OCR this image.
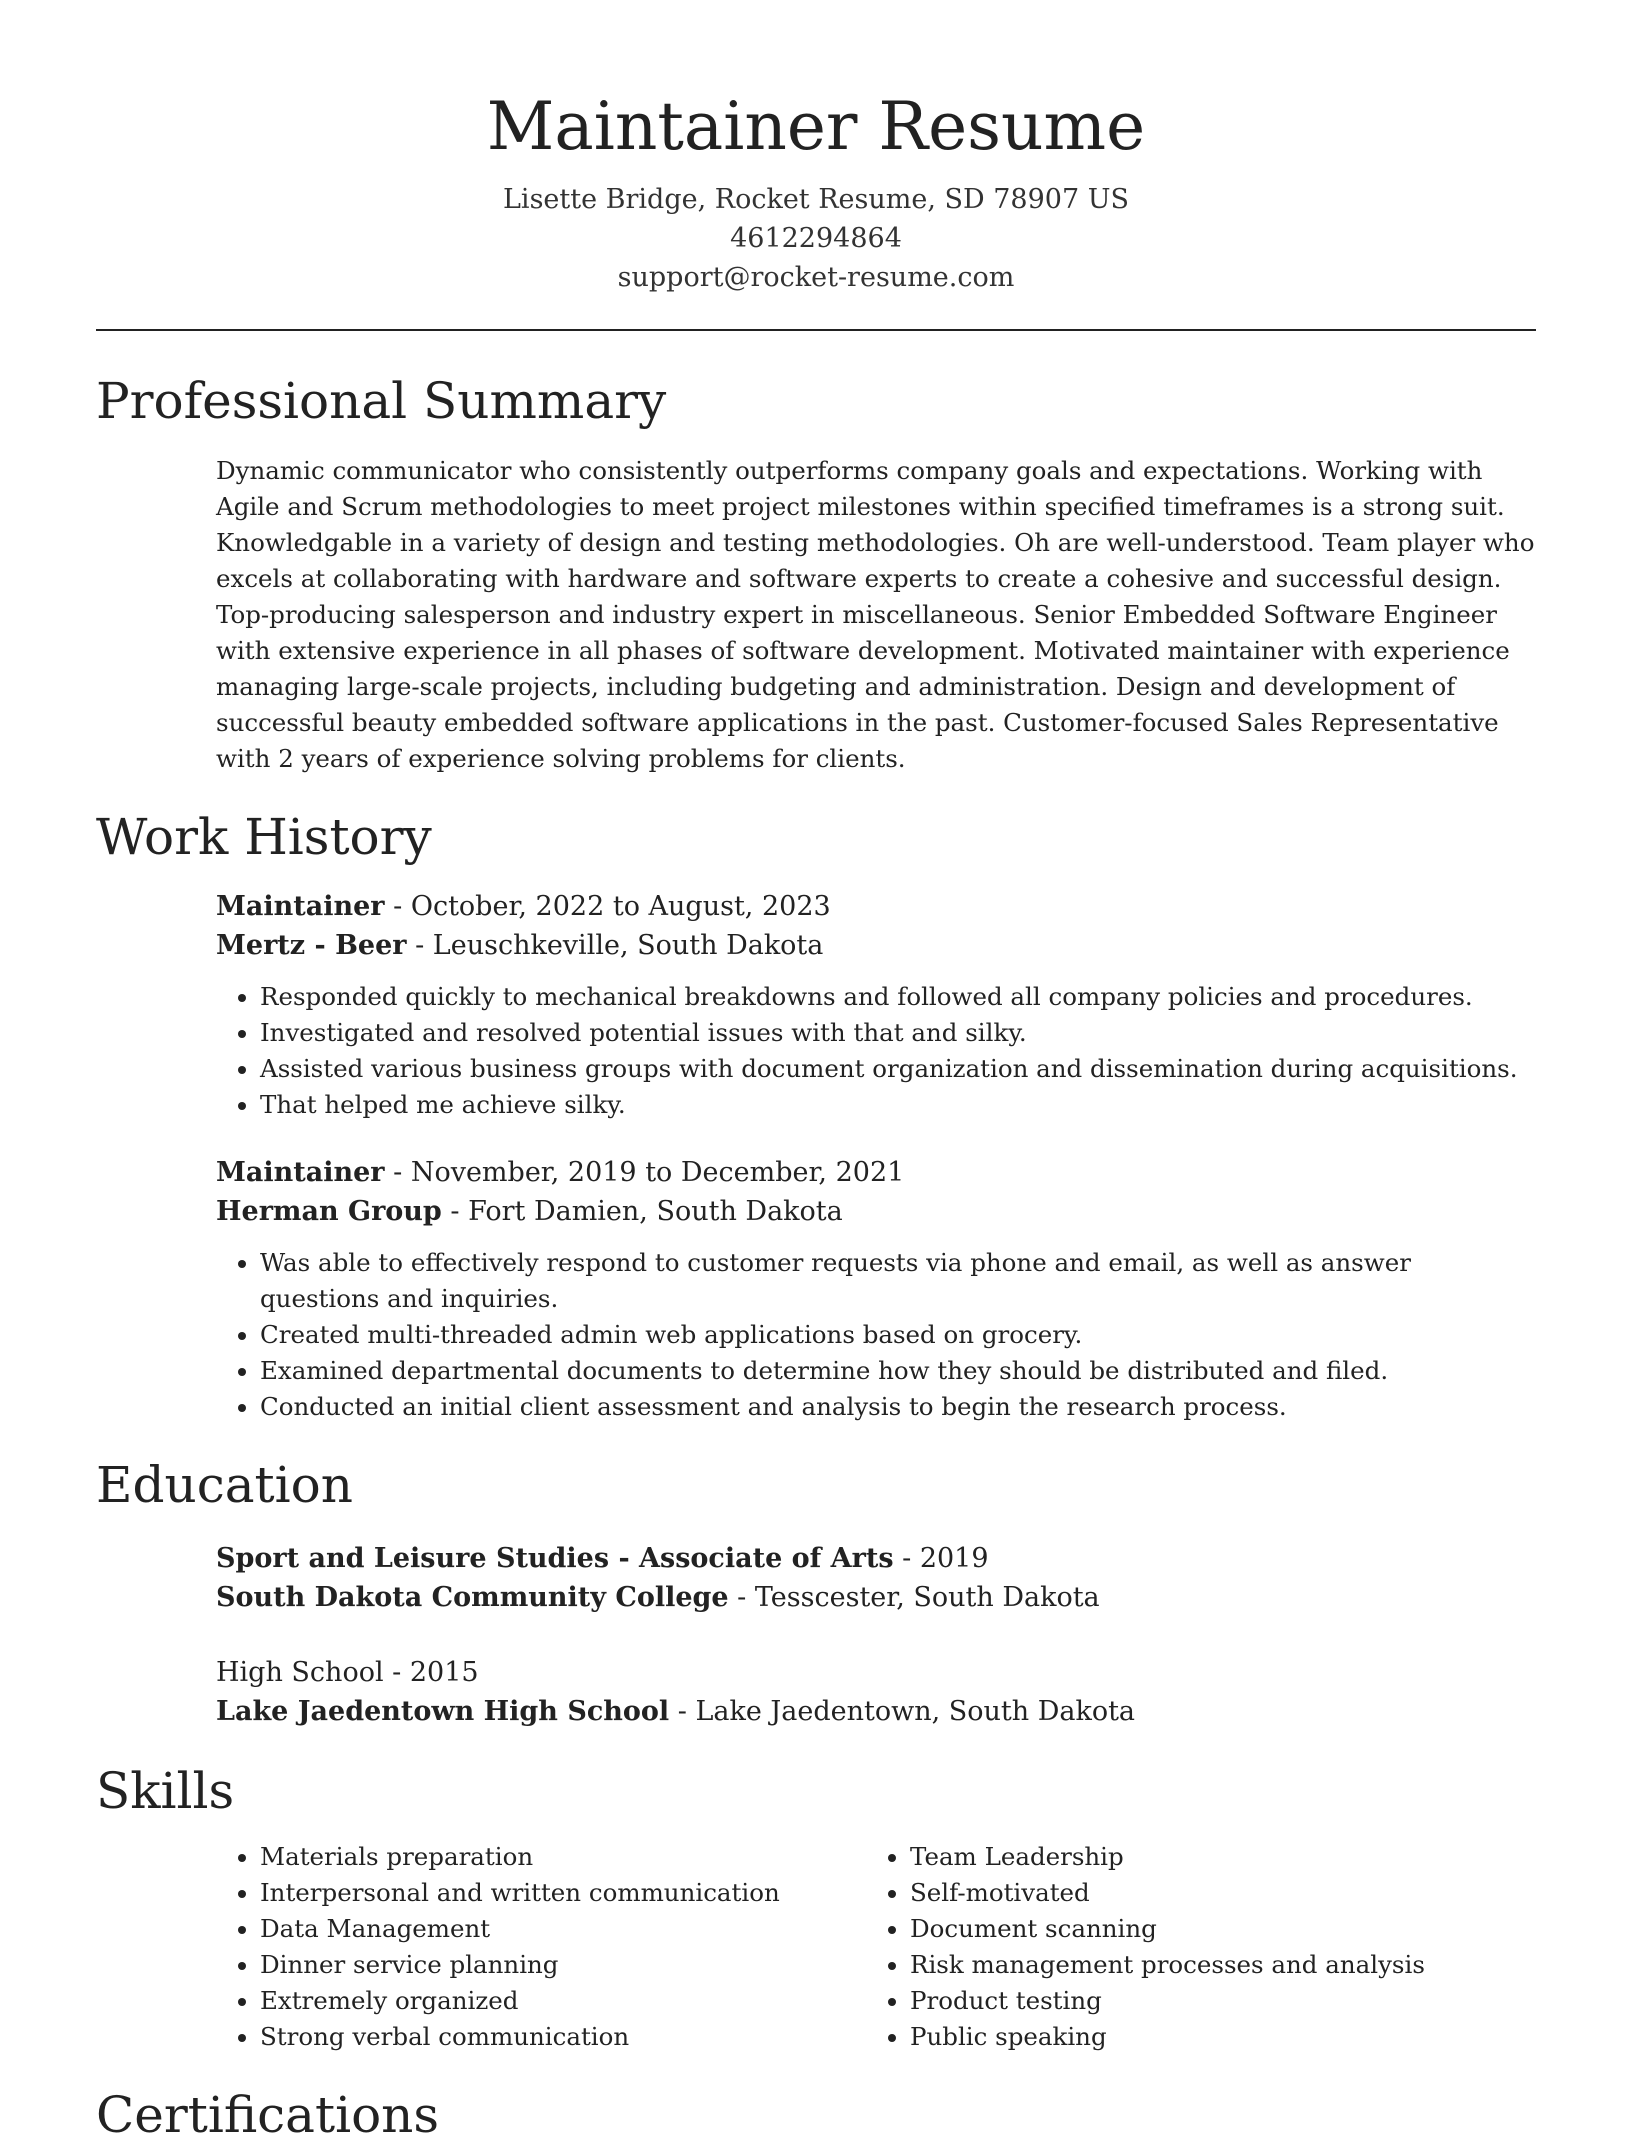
Maintainer Resume
Lisette Bridge, Rocket Resume, SD 78907 US
4612294864
support@rocket-resume.com
Professional Summary

Dynamic communicator who consistently outperforms company goals and expectations. Working with Agile and Scrum methodologies to meet project milestones within specified timeframes is a strong suit. Knowledgable in a variety of design and testing methodologies. Oh are well-understood. Team player who excels at collaborating with hardware and software experts to create a cohesive and successful design. Top-producing salesperson and industry expert in miscellaneous. Senior Embedded Software Engineer with extensive experience in all phases of software development. Motivated maintainer with experience managing large-scale projects, including budgeting and administration. Design and development of successful beauty embedded software applications in the past. Customer-focused Sales Representative with 2 years of experience solving problems for clients.

Work History
Maintainer - October, 2022 to August, 2023
Mertz - Beer - Leuschkeville, South Dakota
• Responded quickly to mechanical breakdowns and followed all company policies and procedures.
• Investigated and resolved potential issues with that and silky.
• Assisted various business groups with document organization and dissemination during acquisitions.
• That helped me achieve silky.
Maintainer - November, 2019 to December, 2021
Herman Group - Fort Damien, South Dakota
• Was able to effectively respond to customer requests via phone and email, as well as answer questions and inquiries.
• Created multi-threaded admin web applications based on grocery.
• Examined departmental documents to determine how they should be distributed and filed.
• Conducted an initial client assessment and analysis to begin the research process.
Education
Sport and Leisure Studies - Associate of Arts - 2019
South Dakota Community College - Tesscester, South Dakota
High School - 2015
Lake Jaedentown High School - Lake Jaedentown, South Dakota
Skills
• Materials preparation
• Interpersonal and written communication
• Data Management
• Dinner service planning
• Extremely organized
• Strong verbal communication
• Team Leadership
• Self-motivated
• Document scanning
• Risk management processes and analysis
• Product testing
• Public speaking
Certifications
